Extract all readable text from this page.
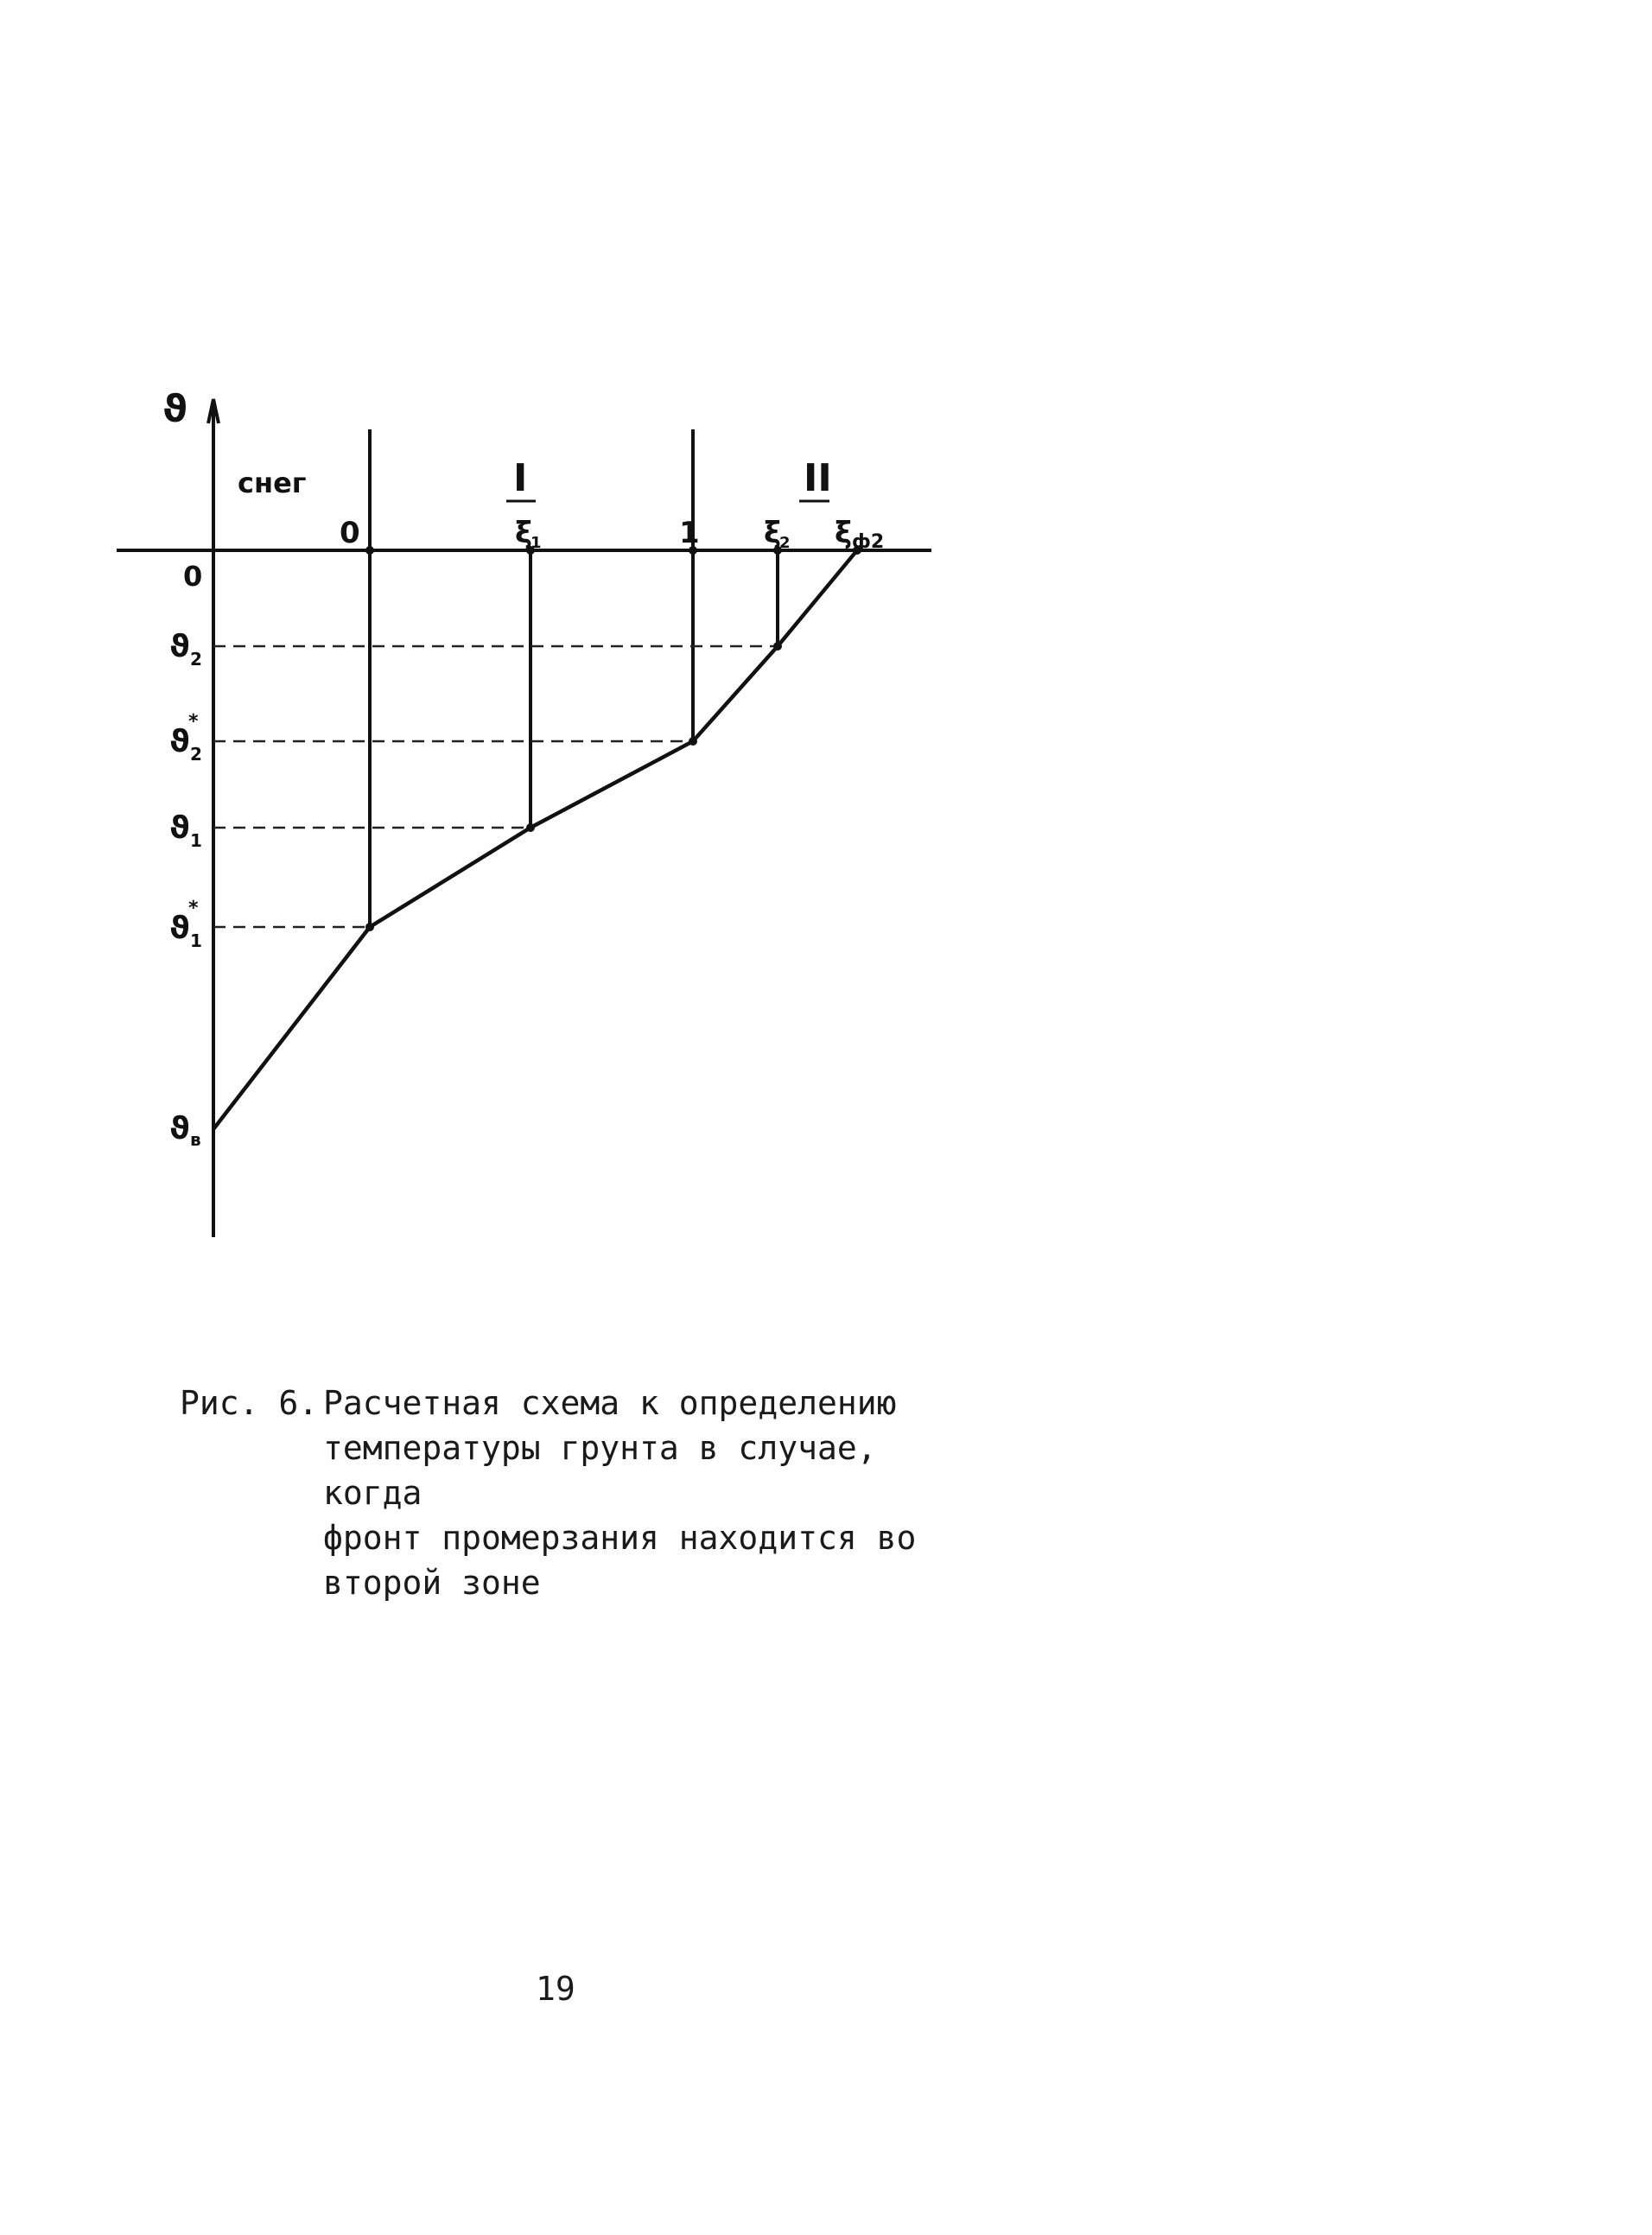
ϑ
снег	I	II
0	ξ
1	1 ξ
2 ξ ф2
0
ϑ 2
ϑ
*
2
ϑ 1
ϑ
*
1
ϑ в
Рис. 6. Расчетная схема к определению
температуры грунта в случае, когда
фронт промерзания находится во
второй зоне
19
